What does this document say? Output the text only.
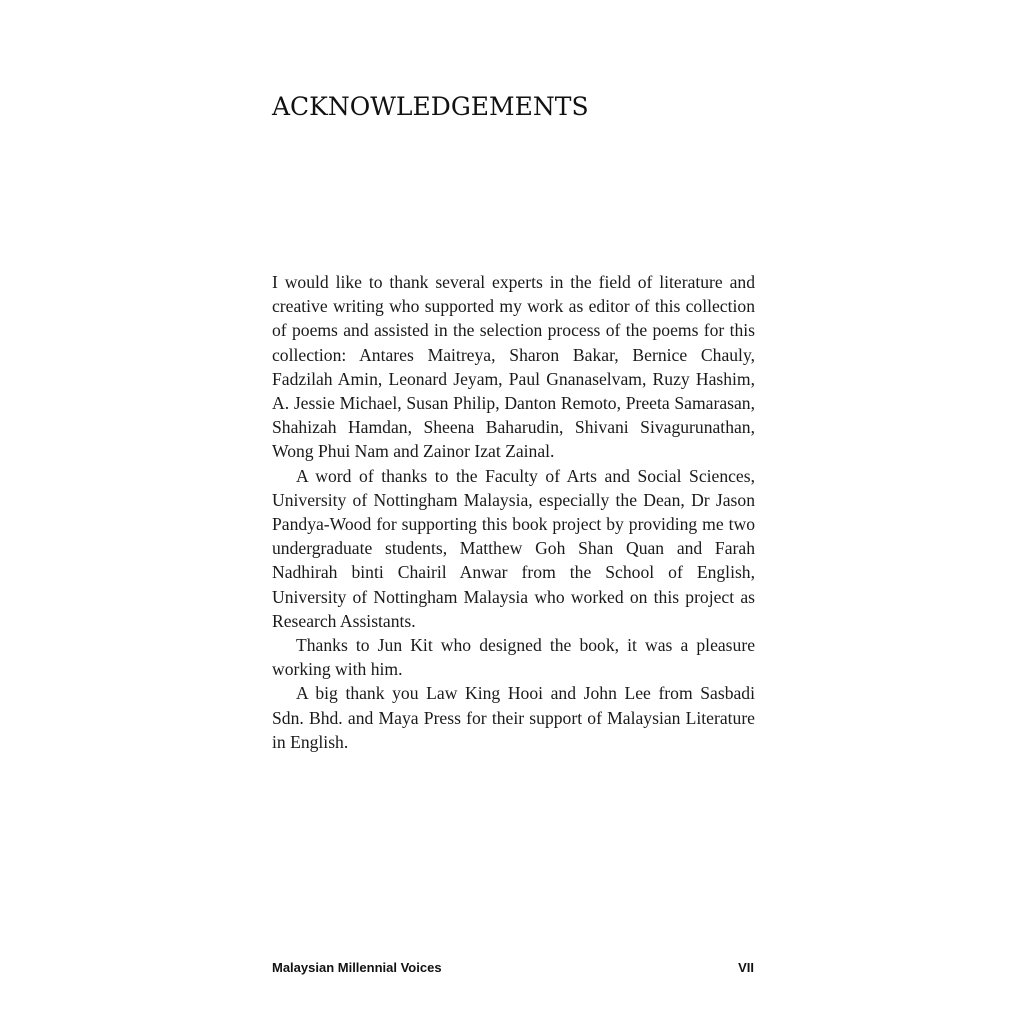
ACKNOWLEDGEMENTS

I would like to thank several experts in the field of literature and creative writing who supported my work as editor of this collection of poems and assisted in the selection process of the poems for this collection: Antares Maitreya, Sharon Bakar, Bernice Chauly, Fadzilah Amin, Leonard Jeyam, Paul Gnanaselvam, Ruzy Hashim, A. Jessie Michael, Susan Philip, Danton Remoto, Preeta Samarasan, Shahizah Hamdan, Sheena Baharudin, Shivani Sivagurunathan, Wong Phui Nam and Zainor Izat Zainal.

A word of thanks to the Faculty of Arts and Social Sciences, University of Nottingham Malaysia, especially the Dean, Dr Jason Pandya-Wood for supporting this book project by providing me two undergraduate students, Matthew Goh Shan Quan and Farah Nadhirah binti Chairil Anwar from the School of English, University of Nottingham Malaysia who worked on this project as Research Assistants.

Thanks to Jun Kit who designed the book, it was a pleasure working with him.

A big thank you Law King Hooi and John Lee from Sasbadi Sdn. Bhd. and Maya Press for their support of Malaysian Literature in English.

Malaysian Millennial Voices	VII
